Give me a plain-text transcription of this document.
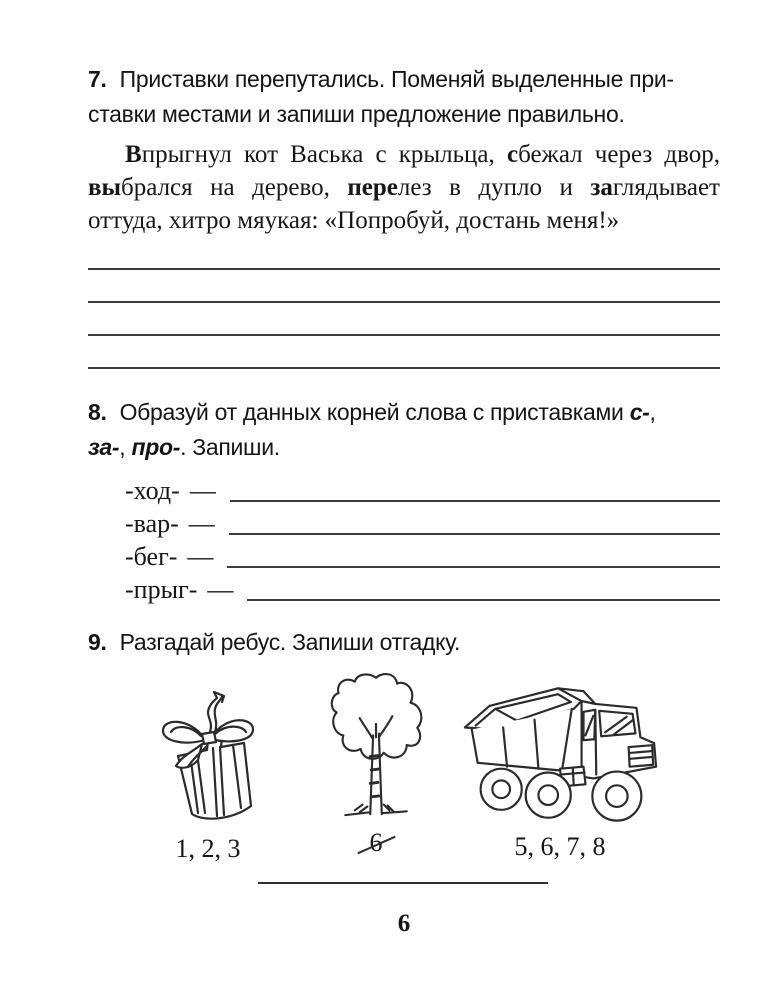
7. Приставки перепутались. Поменяй выделенные при-
ставки местами и запиши предложение правильно.

Впрыгнул кот Васька с крыльца, сбежал через двор, выбрался на дерево, перелез в дупло и заглядывает оттуда, хитро мяукая: «Попробуй, достань меня!»

8. Образуй от данных корней слова с приставками с-,
за-, про-. Запиши.

-ход- —
-вар- —
-бег- —
-прыг- —

9. Разгадай ребус. Запиши отгадку.

1, 2, 3	6	5, 6, 7, 8
6
